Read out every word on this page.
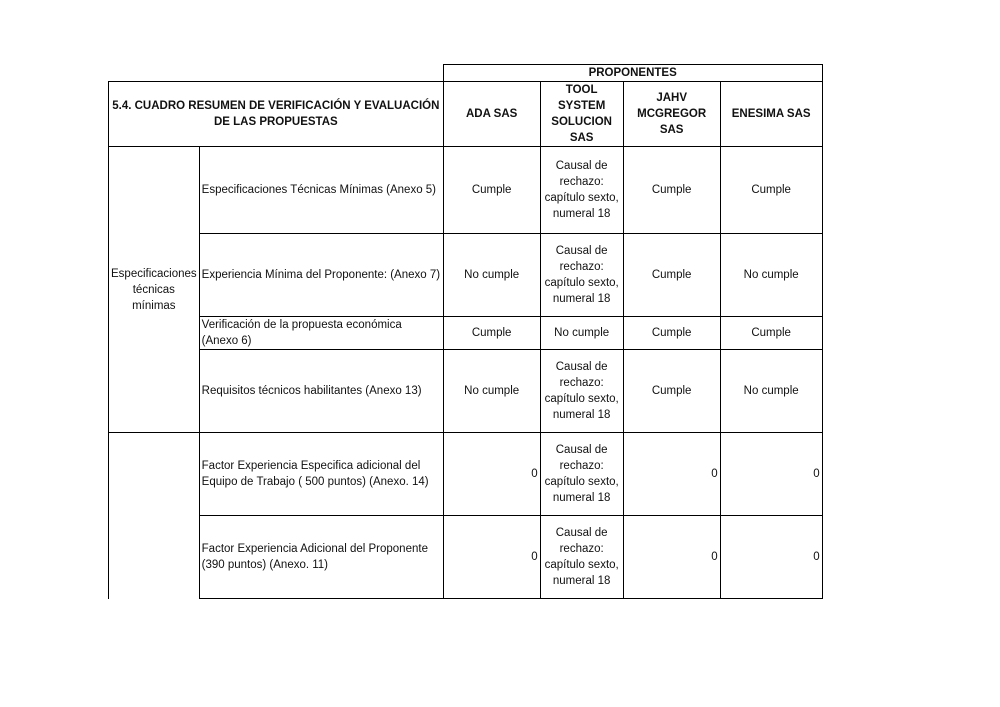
		PROPONENTES			
5.4. CUADRO RESUMEN DE VERIFICACIÓN Y EVALUACIÓN DE LAS PROPUESTAS		ADA SAS	TOOL SYSTEM SOLUCION SAS	JAHV MCGREGOR SAS	ENESIMA SAS
Especificaciones técnicas mínimas	Especificaciones Técnicas Mínimas (Anexo 5)	Cumple	Causal de rechazo: capítulo sexto, numeral 18	Cumple	Cumple
	Experiencia Mínima del Proponente: (Anexo 7)	No cumple	Causal de rechazo: capítulo sexto, numeral 18	Cumple	No cumple
	Verificación de la propuesta económica (Anexo 6)	Cumple	No cumple	Cumple	Cumple
	Requisitos técnicos habilitantes (Anexo 13)	No cumple	Causal de rechazo: capítulo sexto, numeral 18	Cumple	No cumple
	Factor Experiencia Especifica adicional del Equipo de Trabajo ( 500 puntos) (Anexo. 14)	0	Causal de rechazo: capítulo sexto, numeral 18	0	0
	Factor Experiencia Adicional del Proponente (390 puntos) (Anexo. 11)	0	Causal de rechazo: capítulo sexto, numeral 18	0	0
